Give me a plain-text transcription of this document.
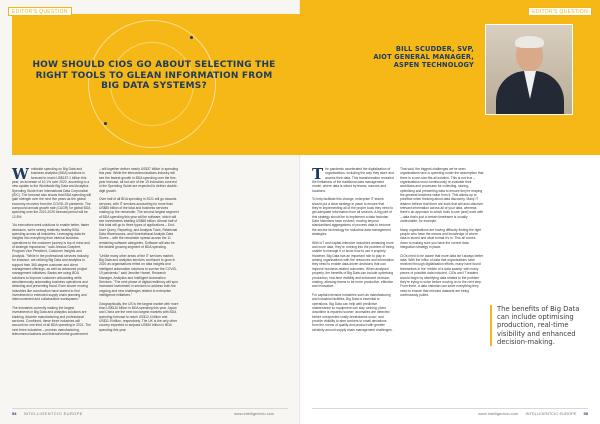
EDITOR'S QUESTION	EDITOR'S QUESTION
HOW SHOULD CIOS GO ABOUT SELECTING THE RIGHT TOOLS TO GLEAN INFORMATION FROM BIG DATA SYSTEMS?
BILL SCUDDER, SVP,
AIOT GENERAL MANAGER,
ASPEN TECHNOLOGY

Worldwide spending on Big Data and business analytics (BDA) solutions is forecast to reach US$187.1 billion this year, an increase of 10.1% over 2020, according to a new update to the Worldwide Big Data and Analytics Spending Guide from International Data Corporation (IDC). The forecast also shows that BDA spending will gain strength over the next five years as the global economy recovers from the COVID-19 pandemic. The compound annual growth rate (CAGR) for global BDA spending over the 2021-2025 forecast period will be 12.8%.

"As executives seek solutions to enable better, faster decisions, we're seeing relatively healthy BDA spending across all industries. Leveraging data for insights into everything from internal business operations to the customer journey is top of mind and of strategic importance," said Jessica Goepfert, Program Vice President, Customer Insights and Analysis. "While in the professional services industry, for instance, are utilizing Big Data and analytics to support their 360-degree customer and client management offerings, as well as advanced project management initiatives. Banks are using BDA solutions to improve customer onboarding while simultaneously automating business operations and detecting and preventing fraud. Even slower moving industries like construction have started to find investments in extended supply chain planning and interconnected and collaborative workspaces."

The industries currently making the largest investments in Big Data and analytics solutions are banking, discrete manufacturing and professional services. Combined, these three industries will account for one third of all BDA spending in 2021. The next three industries – process manufacturing, telecommunications and federal/central government

– will together deliver nearly US$37 billion in spending this year. While the telecommunications industry will see the fastest growth in BDA spending over the five-year forecast, all but one of the 19 industries covered in the Spending Guide are expected to deliver double-digit growth.

Over half of all BDA spending in 2021 will go towards services, with IT services accounting for more than US$85 billion of the total and business services making up the remainder. The second largest segment of BDA spending this year will be software, which will see investments totalling US$68 billion. Almost half of this total will go to three types of applications – End-User Query, Reporting, and Analysis Tools, Relational Data Warehouses, and Nonrelational Analytic Data Stores – with the remainder spread across the 11 remaining software categories. Software will also be the fastest growing segment of BDA spending.

"Unlike many other areas of the IT services market, Big Data and analytics services continued to grow in 2020 as organisations relied on data insights and intelligent automation solutions to survive the COVID-19 pandemic," said Jennifer Hamel, Research Manager, Analytics and Intelligent Automation Services. "The next phase of digital resiliency will spur increased investment in services to address both the ongoing and new challenges related to enterprise intelligence initiatives."

Geographically, the US is the largest market with more than US$110 billion in BDA spending this year. Japan and China are the next two largest markets with BDA spending forecast to reach US$12.4 billion and US$11.9 billion, respectively. The UK is the only other country expected to surpass US$10 billion in BDA spending this year.

The pandemic accelerated the digitalisation of organisations, including the way they store and access their data. This transformation revealed the limitations of the traditional data management model, where data is siloed by teams, sources and locations.

To help facilitate this change, enterprise IT teams should put a clear strategy in place to ensure that they're implementing all of the proper tools they need to get adequate information from all sources. A big part of this strategy should be to implement a data historian. Data historians have evolved, moving beyond standardised aggregations of process data to become the anchor technology for industrial data management strategies.

With IoT and capital-intensive industries amassing more and more data, they're running into the problem of being unable to manage it or know how to use it properly. However, Big Data has an important role to play in arming organisations with the resources and information they need to enable data-driven decisions that can improve business-related outcomes. When analysed properly, the benefits of Big Data can include optimising production, real-time visibility and enhanced decision-making, allowing teams to be more productive, effective and innovative.

For capital-intensive industries such as manufacturing and industrial facilities, Big Data is essential to operations. Big Data can help with predictive maintenance so equipment can stay running; plant downtime is repaired sooner; anomalies are detected before unexpected costly breakdowns occur; and provide visibility to alert workers to small deviations from the norms of quality and product with greater certainty around supply chain management challenges.

That said, the biggest challenges we've seen organisations face is spending under the assumption that there is a one-size-fits-all solution. This is not true – organisations must continuously re-evaluate their workflows and processes for collecting, storing, optimising and presenting data to ensure they're reaping the greatest business value from it. This allows up to prioritise when thinking about data discovery. Many IT leaders believe that there are tools that will auto-discover relevant information across all of your data, whereas there's an approach to which tools to use (and) work with – data that's just a certain timeframe is usually undesirable, for example.

Many organisations are having difficulty finding the right people who have the means and knowledge of where data is stored and what format it's in. This all comes down to making sure you have the correct data integration strategy in place.

CIOs need to be aware that more data isn't always better data. With the influx of data that organisations have received through digitalisation efforts, many have found themselves in the 'middle of a data swamp' with many pieces of possible data included. CIOs and IT leaders should begin by identifying data related to the problem they're trying to solve before moving on to the next step. From there, a data historian can solve everything they need to ensure that relevant datasets are being continuously pulled.

The benefits of Big Data can include optimising production, real-time visibility and enhanced decision-making.
54 INTELLIGENTCIO EUROPE	www.intelligentcio.com	www.intelligentcio.com INTELLIGENTCIO EUROPE 55
